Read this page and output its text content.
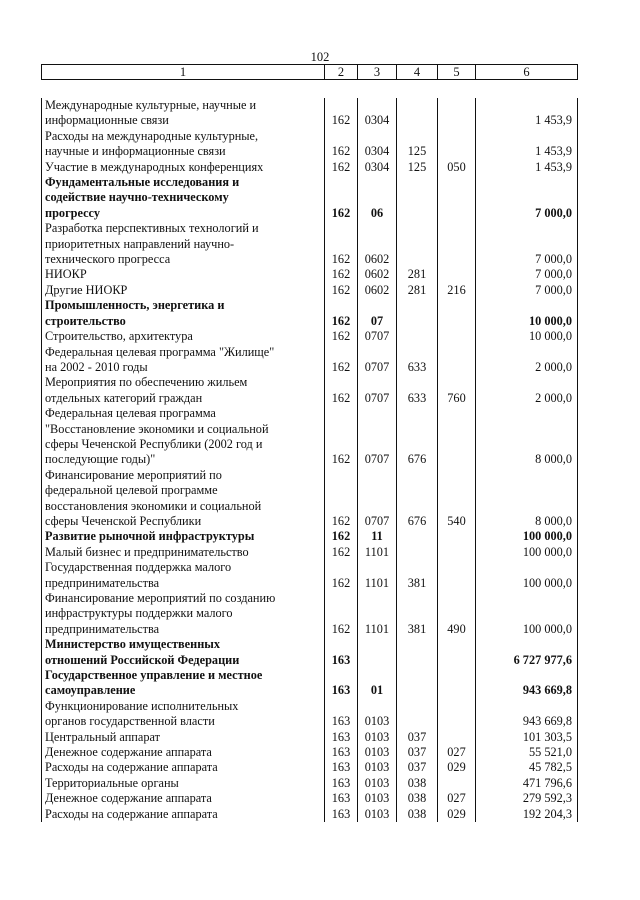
102
1	2	3	4	5	6
Международные культурные, научные и
информационные связи	162	0304			1 453,9

Расходы на международные культурные,
научные и информационные связи	162	0304	125		1 453,9

Участие в международных конференциях	162	0304	125	050	1 453,9

Фундаментальные исследования и
содействие научно-техническому
прогрессу	162	06			7 000,0

Разработка перспективных технологий и
приоритетных направлений научно-
технического прогресса	162	0602			7 000,0

НИОКР	162	0602	281		7 000,0

Другие НИОКР	162	0602	281	216	7 000,0

Промышленность, энергетика и
строительство	162	07			10 000,0

Строительство, архитектура	162	0707			10 000,0

Федеральная целевая программа "Жилище"
на 2002 - 2010 годы	162	0707	633		2 000,0

Мероприятия по обеспечению жильем
отдельных категорий граждан	162	0707	633	760	2 000,0

Федеральная целевая программа
"Восстановление экономики и социальной
сферы Чеченской Республики (2002 год и
последующие годы)"	162	0707	676		8 000,0

Финансирование мероприятий по
федеральной целевой программе
восстановления экономики и социальной
сферы Чеченской Республики	162	0707	676	540	8 000,0

Развитие рыночной инфраструктуры	162	11			100 000,0

Малый бизнес и предпринимательство	162	1101			100 000,0

Государственная поддержка малого
предпринимательства	162	1101	381		100 000,0

Финансирование мероприятий по созданию
инфраструктуры поддержки малого
предпринимательства	162	1101	381	490	100 000,0

Министерство имущественных
отношений Российской Федерации	163				6 727 977,6

Государственное управление и местное
самоуправление	163	01			943 669,8

Функционирование исполнительных
органов государственной власти	163	0103			943 669,8

Центральный аппарат	163	0103	037		101 303,5

Денежное содержание аппарата	163	0103	037	027	55 521,0

Расходы на содержание аппарата	163	0103	037	029	45 782,5

Территориальные органы	163	0103	038		471 796,6

Денежное содержание аппарата	163	0103	038	027	279 592,3

Расходы на содержание аппарата	163	0103	038	029	192 204,3
